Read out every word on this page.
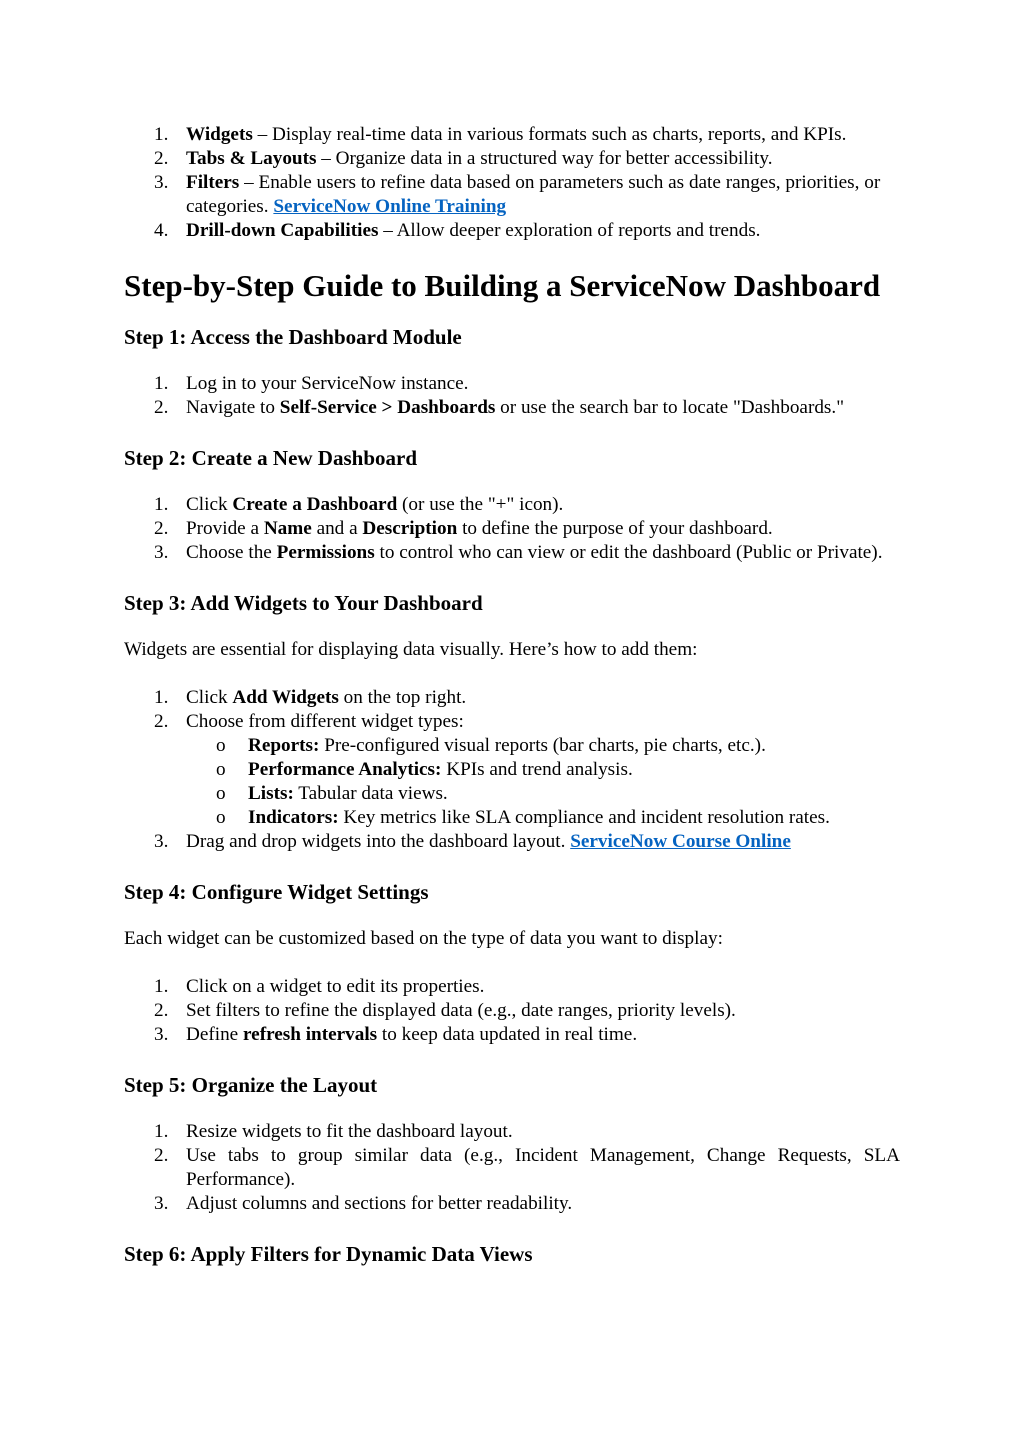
1. Widgets – Display real-time data in various formats such as charts, reports, and KPIs.
2. Tabs & Layouts – Organize data in a structured way for better accessibility.
3. Filters – Enable users to refine data based on parameters such as date ranges, priorities, or categories. ServiceNow Online Training
4. Drill-down Capabilities – Allow deeper exploration of reports and trends.
Step-by-Step Guide to Building a ServiceNow Dashboard
Step 1: Access the Dashboard Module
1. Log in to your ServiceNow instance.
2. Navigate to Self-Service > Dashboards or use the search bar to locate "Dashboards."
Step 2: Create a New Dashboard
1. Click Create a Dashboard (or use the "+" icon).
2. Provide a Name and a Description to define the purpose of your dashboard.
3. Choose the Permissions to control who can view or edit the dashboard (Public or Private).
Step 3: Add Widgets to Your Dashboard

Widgets are essential for displaying data visually. Here’s how to add them:

1. Click Add Widgets on the top right.
2. Choose from different widget types:
o Reports: Pre-configured visual reports (bar charts, pie charts, etc.).
o Performance Analytics: KPIs and trend analysis.
o Lists: Tabular data views.
o Indicators: Key metrics like SLA compliance and incident resolution rates.
3. Drag and drop widgets into the dashboard layout. ServiceNow Course Online
Step 4: Configure Widget Settings

Each widget can be customized based on the type of data you want to display:

1. Click on a widget to edit its properties.
2. Set filters to refine the displayed data (e.g., date ranges, priority levels).
3. Define refresh intervals to keep data updated in real time.
Step 5: Organize the Layout
1. Resize widgets to fit the dashboard layout.
2. Use tabs to group similar data (e.g., Incident Management, Change Requests, SLA Performance).
3. Adjust columns and sections for better readability.
Step 6: Apply Filters for Dynamic Data Views
